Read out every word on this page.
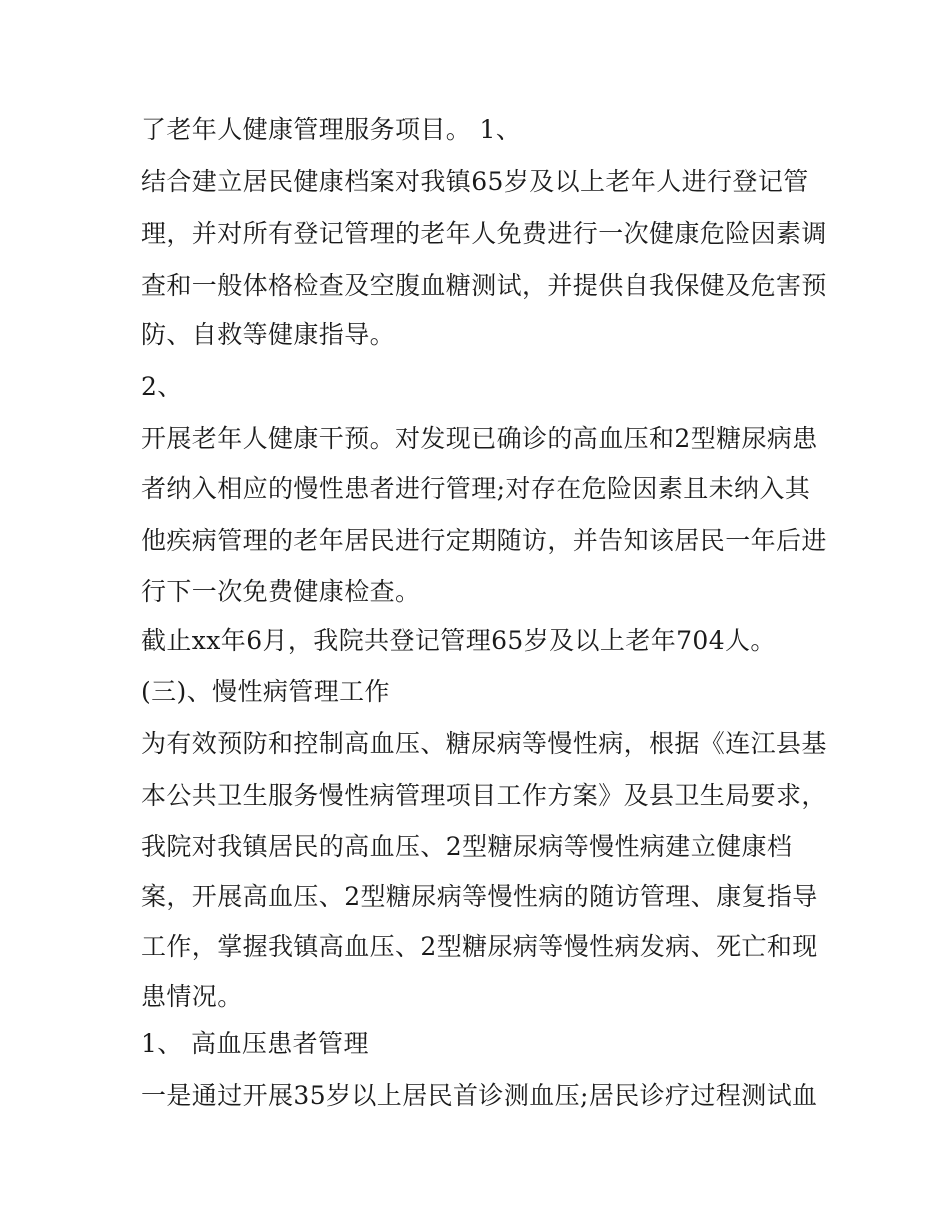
了老年人健康管理服务项目。 1、
结合建立居民健康档案对我镇65岁及以上老年人进行登记管
理，并对所有登记管理的老年人免费进行一次健康危险因素调
查和一般体格检查及空腹血糖测试，并提供自我保健及危害预
防、自救等健康指导。
2、
开展老年人健康干预。对发现已确诊的高血压和2型糖尿病患
者纳入相应的慢性患者进行管理;对存在危险因素且未纳入其
他疾病管理的老年居民进行定期随访，并告知该居民一年后进
行下一次免费健康检查。
截止xx年6月，我院共登记管理65岁及以上老年704人。
(三)、慢性病管理工作
为有效预防和控制高血压、糖尿病等慢性病，根据《连江县基
本公共卫生服务慢性病管理项目工作方案》及县卫生局要求，
我院对我镇居民的高血压、2型糖尿病等慢性病建立健康档
案，开展高血压、2型糖尿病等慢性病的随访管理、康复指导
工作，掌握我镇高血压、2型糖尿病等慢性病发病、死亡和现
患情况。
1、 高血压患者管理
一是通过开展35岁以上居民首诊测血压;居民诊疗过程测试血
